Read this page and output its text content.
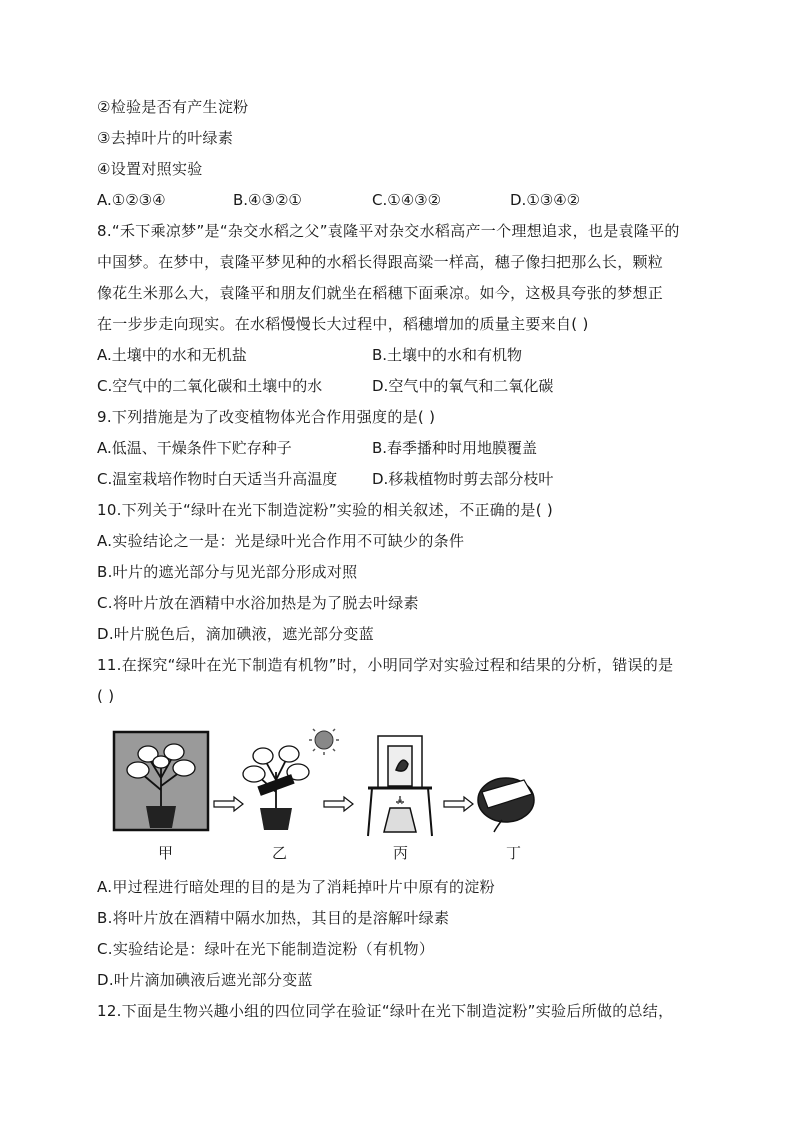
②检验是否有产生淀粉
③去掉叶片的叶绿素
④设置对照实验
A.①②③④	B.④③②①	C.①④③②	D.①③④②
8.“禾下乘凉梦”是“杂交水稻之父”袁隆平对杂交水稻高产一个理想追求，也是袁隆平的
中国梦。在梦中，袁隆平梦见种的水稻长得跟高粱一样高，穗子像扫把那么长，颗粒
像花生米那么大，袁隆平和朋友们就坐在稻穗下面乘凉。如今，这极具夸张的梦想正
在一步步走向现实。在水稻慢慢长大过程中，稻穗增加的质量主要来自( )
A.土壤中的水和无机盐	B.土壤中的水和有机物
C.空气中的二氧化碳和土壤中的水	D.空气中的氧气和二氧化碳
9.下列措施是为了改变植物体光合作用强度的是( )
A.低温、干燥条件下贮存种子	B.春季播种时用地膜覆盖
C.温室栽培作物时白天适当升高温度 D.移栽植物时剪去部分枝叶
10.下列关于“绿叶在光下制造淀粉”实验的相关叙述，不正确的是( )
A.实验结论之一是：光是绿叶光合作用不可缺少的条件
B.叶片的遮光部分与见光部分形成对照
C.将叶片放在酒精中水浴加热是为了脱去叶绿素
D.叶片脱色后，滴加碘液，遮光部分变蓝
11.在探究“绿叶在光下制造有机物”时，小明同学对实验过程和结果的分析，错误的是
( )
甲	乙	丙	丁
A.甲过程进行暗处理的目的是为了消耗掉叶片中原有的淀粉
B.将叶片放在酒精中隔水加热，其目的是溶解叶绿素
C.实验结论是：绿叶在光下能制造淀粉（有机物）
D.叶片滴加碘液后遮光部分变蓝
12.下面是生物兴趣小组的四位同学在验证“绿叶在光下制造淀粉”实验后所做的总结，
